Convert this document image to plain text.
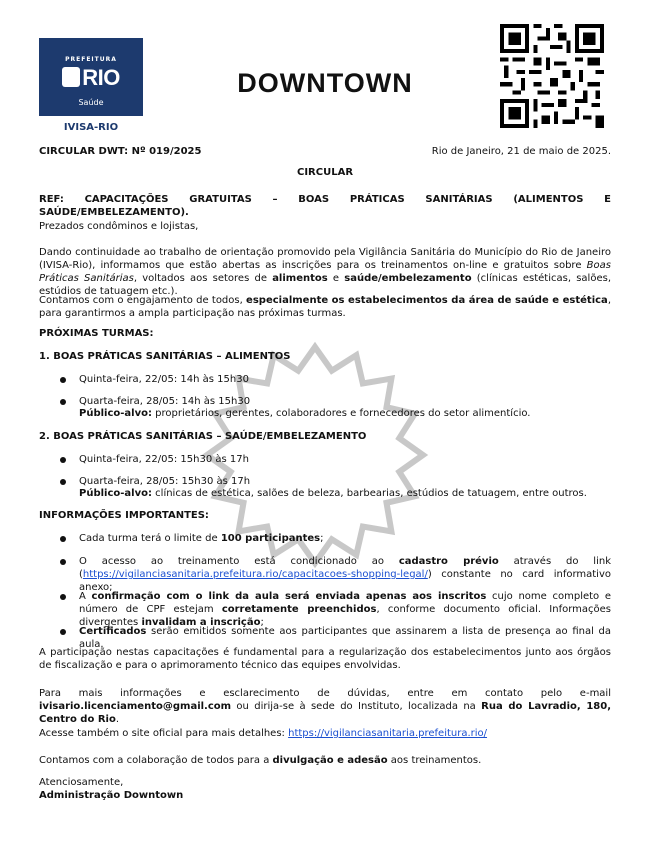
PREFEITURA
RIO
Saúde
IVISA-RIO
DOWNTOWN
CIRCULAR DWT: Nº 019/2025	Rio de Janeiro, 21 de maio de 2025.
CIRCULAR
REF: CAPACITAÇÕES GRATUITAS – BOAS PRÁTICAS SANITÁRIAS (ALIMENTOS E SAÚDE/EMBELEZAMENTO).
Prezados condôminos e lojistas,
Dando continuidade ao trabalho de orientação promovido pela Vigilância Sanitária do Município do Rio de Janeiro (IVISA-Rio), informamos que estão abertas as inscrições para os treinamentos on-line e gratuitos sobre Boas Práticas Sanitárias, voltados aos setores de alimentos e saúde/embelezamento (clínicas estéticas, salões, estúdios de tatuagem etc.).
Contamos com o engajamento de todos, especialmente os estabelecimentos da área de saúde e estética, para garantirmos a ampla participação nas próximas turmas.
PRÓXIMAS TURMAS:
1. BOAS PRÁTICAS SANITÁRIAS – ALIMENTOS
Quinta-feira, 22/05: 14h às 15h30
Quarta-feira, 28/05: 14h às 15h30
Público-alvo: proprietários, gerentes, colaboradores e fornecedores do setor alimentício.
2. BOAS PRÁTICAS SANITÁRIAS – SAÚDE/EMBELEZAMENTO
Quinta-feira, 22/05: 15h30 às 17h
Quarta-feira, 28/05: 15h30 às 17h
Público-alvo: clínicas de estética, salões de beleza, barbearias, estúdios de tatuagem, entre outros.
INFORMAÇÕES IMPORTANTES:
Cada turma terá o limite de 100 participantes;
O acesso ao treinamento está condicionado ao cadastro prévio através do link (https://vigilanciasanitaria.prefeitura.rio/capacitacoes-shopping-legal/) constante no card informativo anexo;
A confirmação com o link da aula será enviada apenas aos inscritos cujo nome completo e número de CPF estejam corretamente preenchidos, conforme documento oficial. Informações divergentes invalidam a inscrição;
Certificados serão emitidos somente aos participantes que assinarem a lista de presença ao final da aula.
A participação nestas capacitações é fundamental para a regularização dos estabelecimentos junto aos órgãos de fiscalização e para o aprimoramento técnico das equipes envolvidas.
Para mais informações e esclarecimento de dúvidas, entre em contato pelo e-mail ivisario.licenciamento@gmail.com ou dirija-se à sede do Instituto, localizada na Rua do Lavradio, 180, Centro do Rio.
Acesse também o site oficial para mais detalhes: https://vigilanciasanitaria.prefeitura.rio/
Contamos com a colaboração de todos para a divulgação e adesão aos treinamentos.
Atenciosamente,
Administração Downtown
